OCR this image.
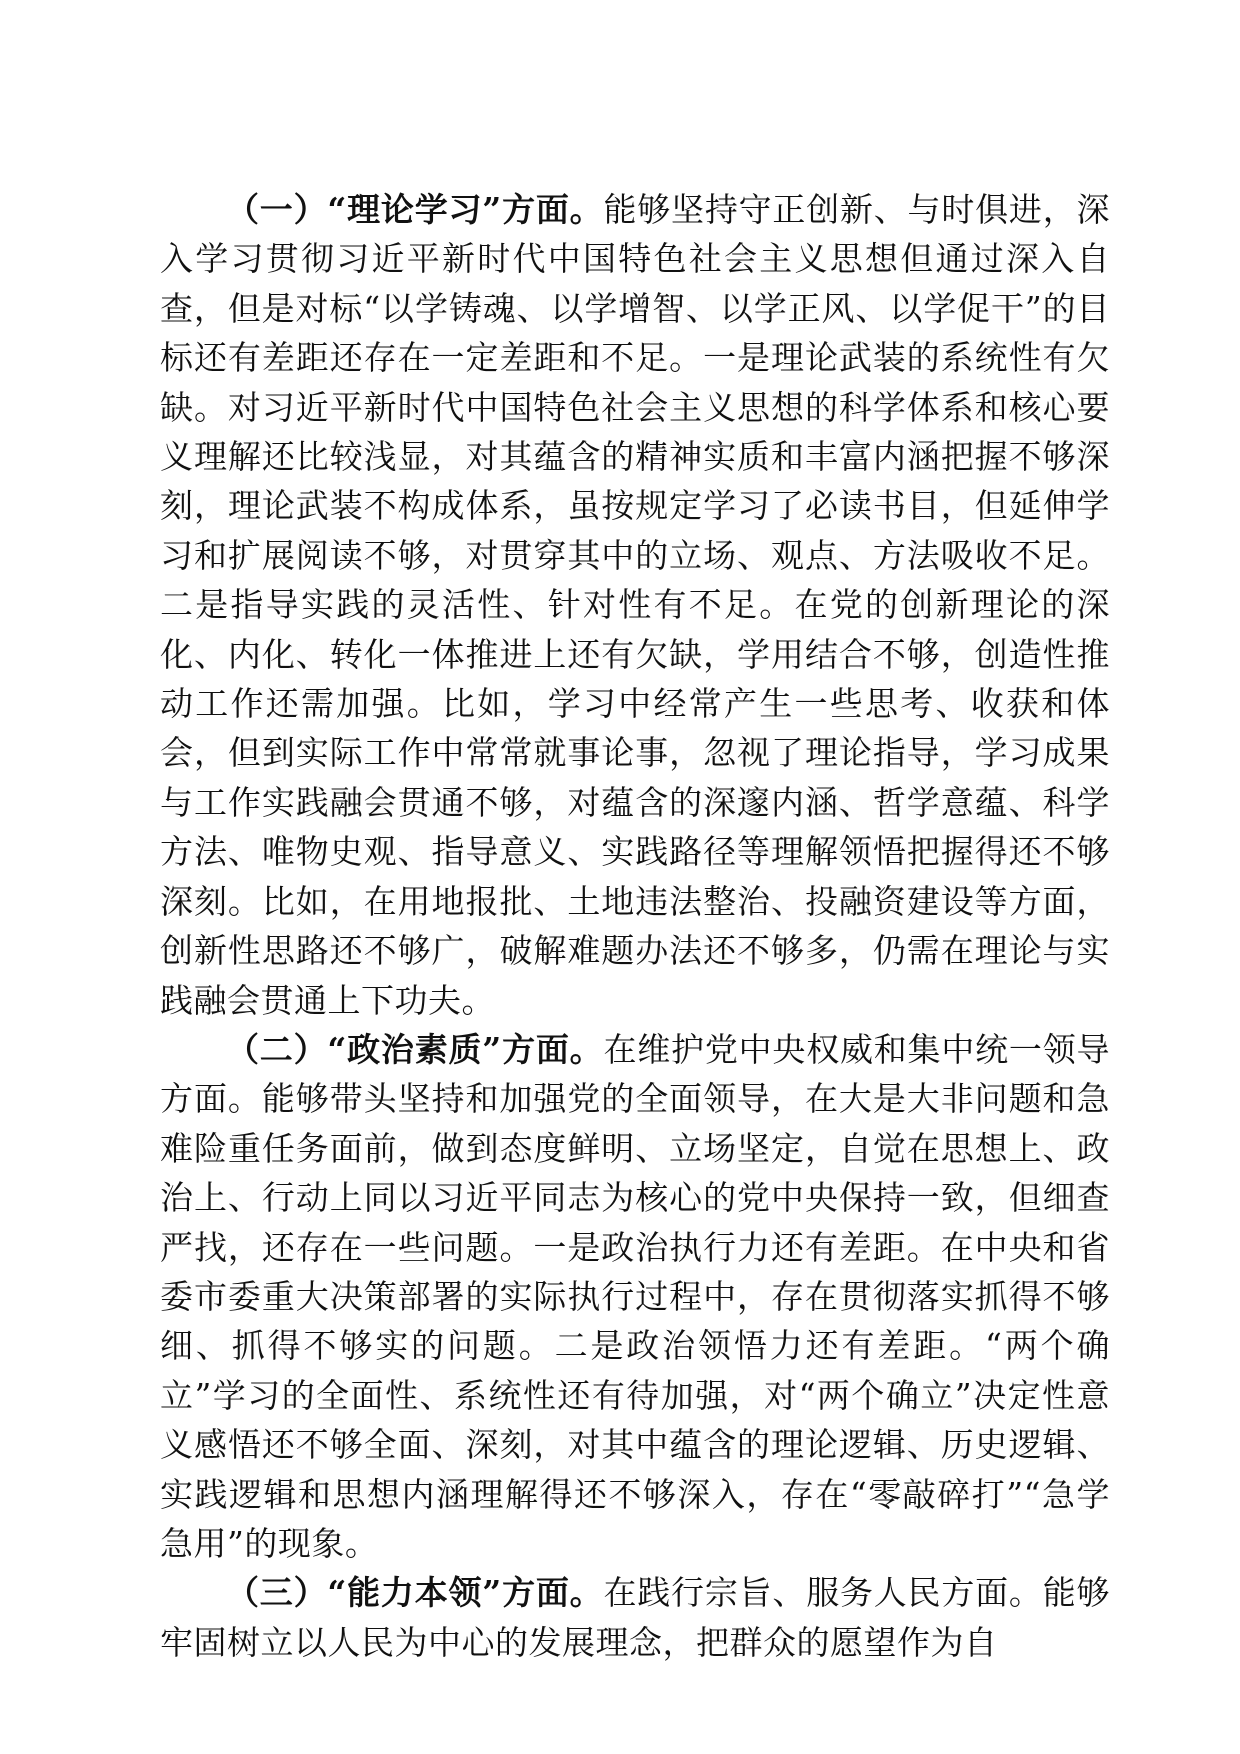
（一）“理论学习”方面。能够坚持守正创新、与时俱进，深入学习贯彻习近平新时代中国特色社会主义思想但通过深入自查，但是对标“以学铸魂、以学增智、以学正风、以学促干”的目标还有差距还存在一定差距和不足。一是理论武装的系统性有欠缺。对习近平新时代中国特色社会主义思想的科学体系和核心要义理解还比较浅显，对其蕴含的精神实质和丰富内涵把握不够深刻，理论武装不构成体系，虽按规定学习了必读书目，但延伸学习和扩展阅读不够，对贯穿其中的立场、观点、方法吸收不足。二是指导实践的灵活性、针对性有不足。在党的创新理论的深化、内化、转化一体推进上还有欠缺，学用结合不够，创造性推动工作还需加强。比如，学习中经常产生一些思考、收获和体会，但到实际工作中常常就事论事，忽视了理论指导，学习成果与工作实践融会贯通不够，对蕴含的深邃内涵、哲学意蕴、科学方法、唯物史观、指导意义、实践路径等理解领悟把握得还不够深刻。比如，在用地报批、土地违法整治、投融资建设等方面，创新性思路还不够广，破解难题办法还不够多，仍需在理论与实践融会贯通上下功夫。

（二）“政治素质”方面。在维护党中央权威和集中统一领导方面。能够带头坚持和加强党的全面领导，在大是大非问题和急难险重任务面前，做到态度鲜明、立场坚定，自觉在思想上、政治上、行动上同以习近平同志为核心的党中央保持一致，但细查严找，还存在一些问题。一是政治执行力还有差距。在中央和省委市委重大决策部署的实际执行过程中，存在贯彻落实抓得不够细、抓得不够实的问题。二是政治领悟力还有差距。“两个确立”学习的全面性、系统性还有待加强，对“两个确立”决定性意义感悟还不够全面、深刻，对其中蕴含的理论逻辑、历史逻辑、实践逻辑和思想内涵理解得还不够深入，存在“零敲碎打”“急学急用”的现象。

（三）“能力本领”方面。在践行宗旨、服务人民方面。能够牢固树立以人民为中心的发展理念，把群众的愿望作为自
